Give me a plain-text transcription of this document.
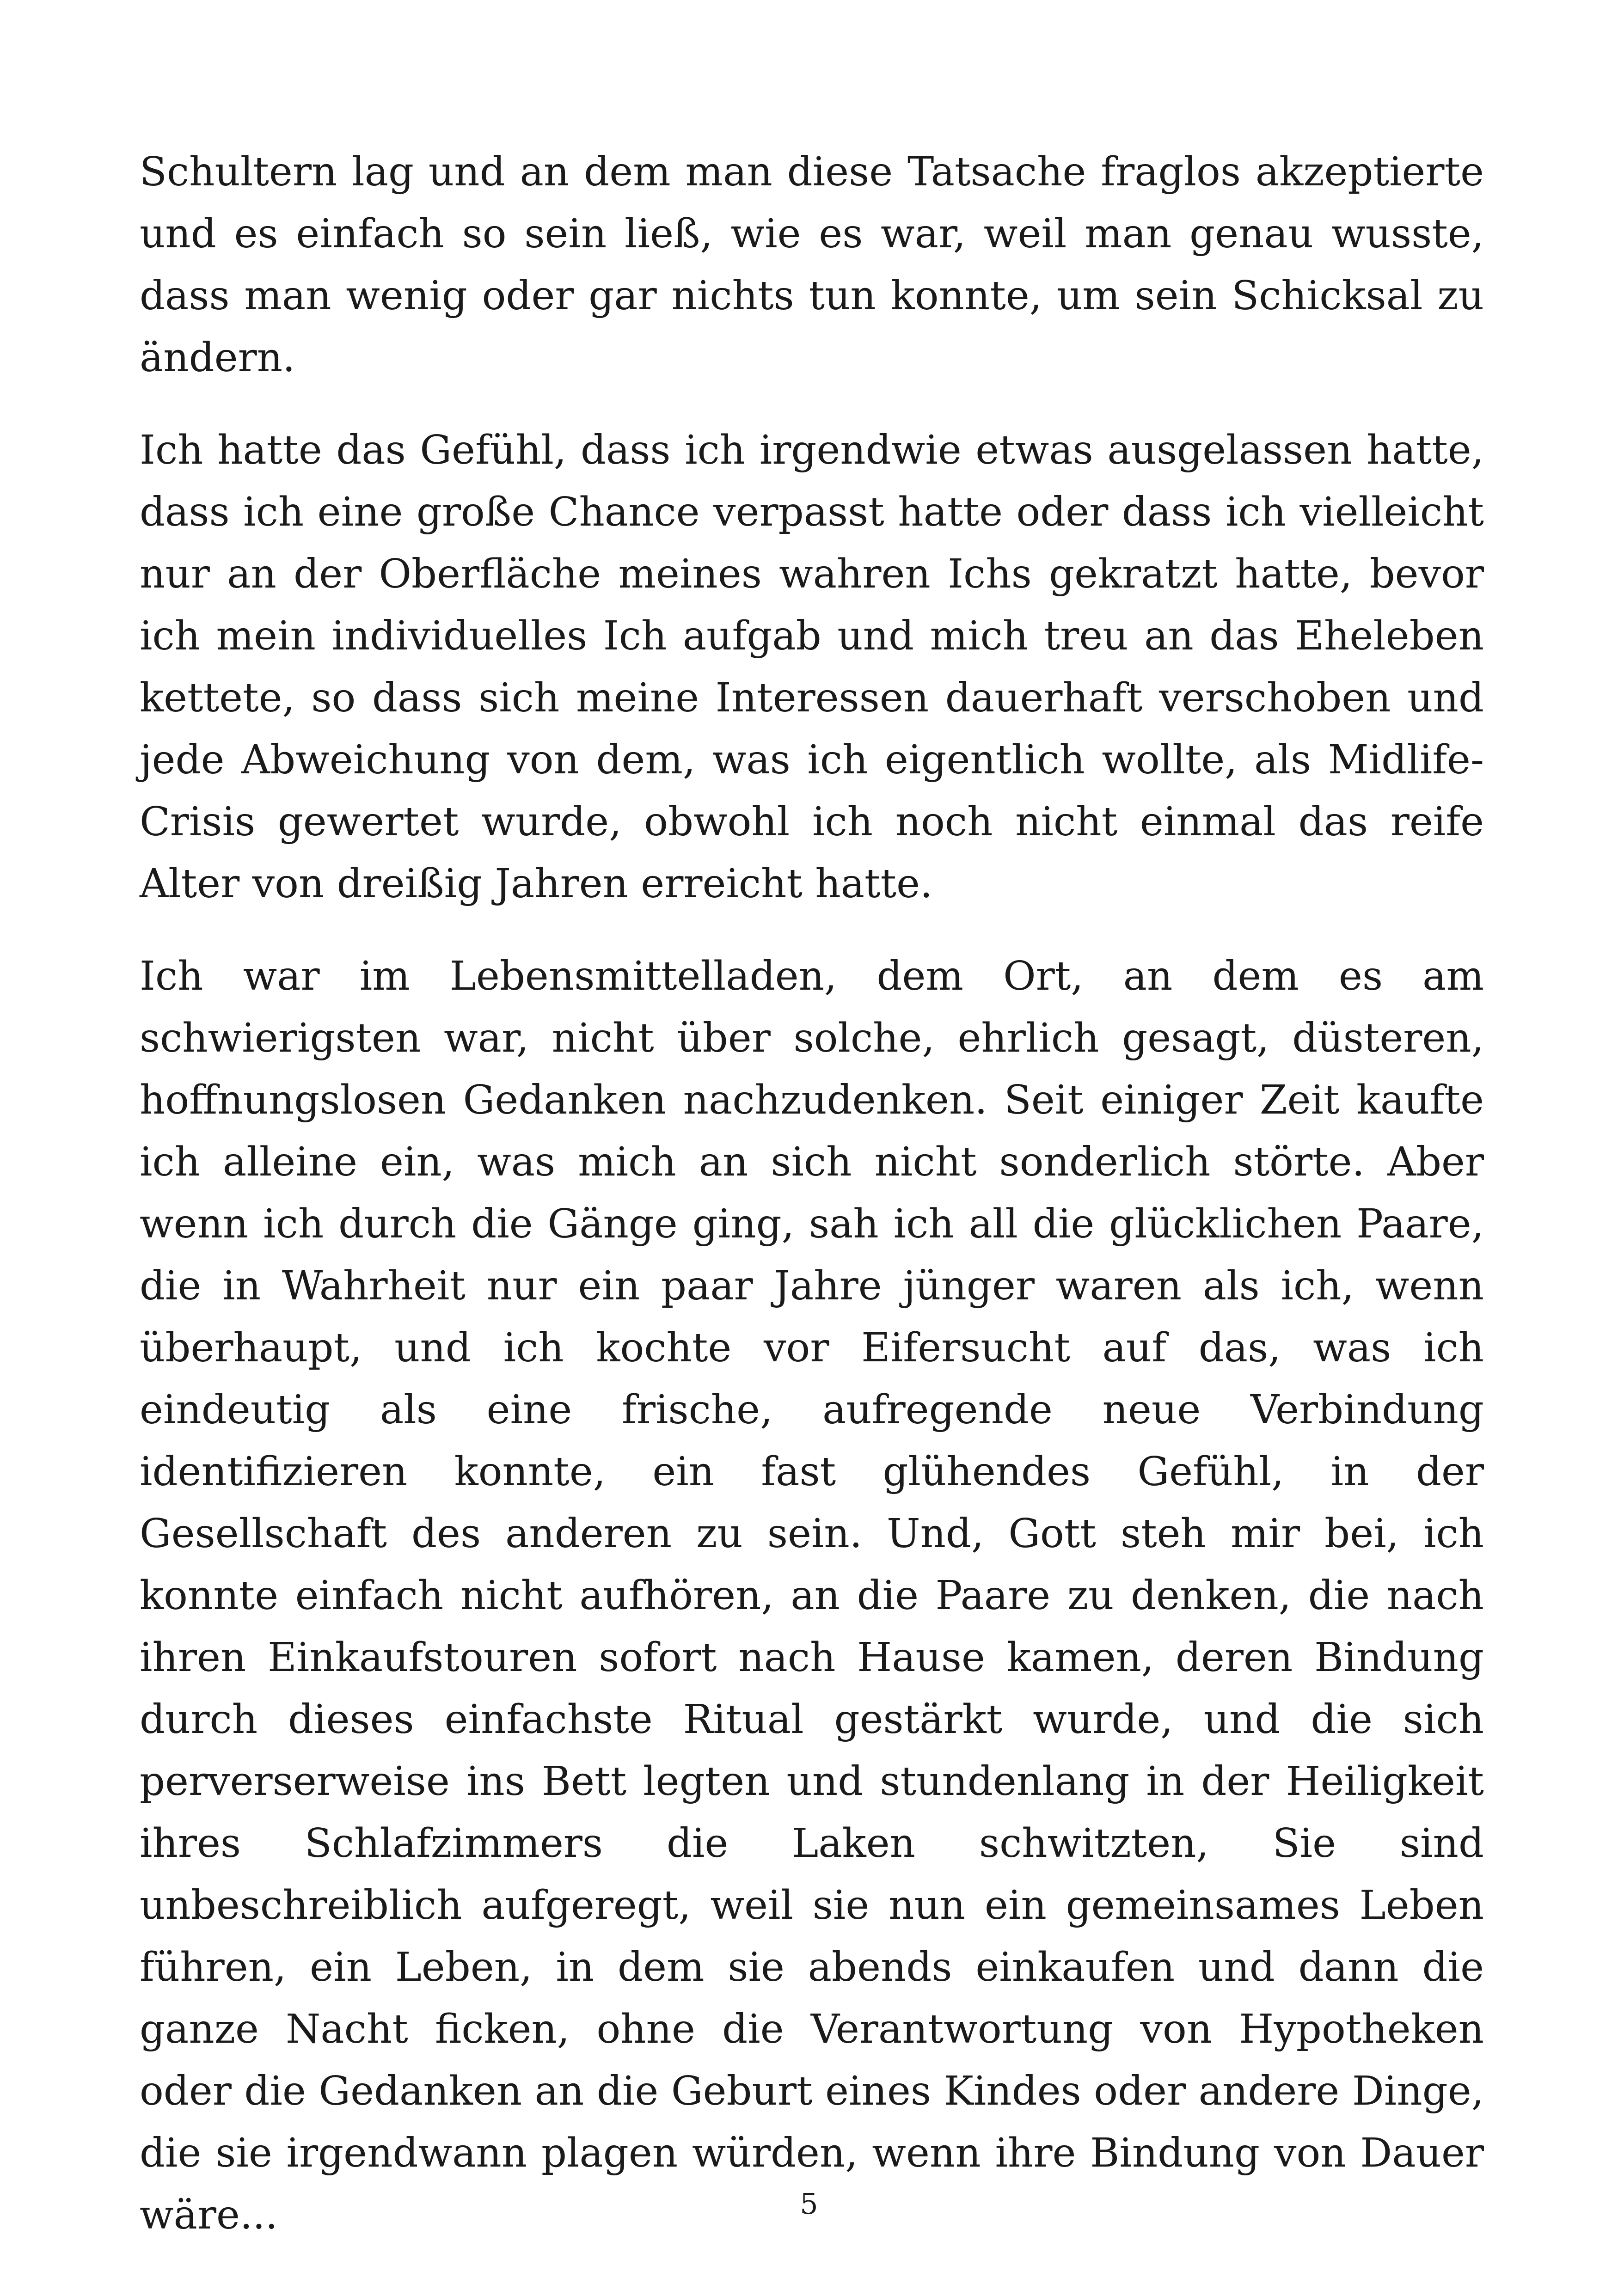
Schultern lag und an dem man diese Tatsache fraglos akzeptierte und es einfach so sein ließ, wie es war, weil man genau wusste, dass man wenig oder gar nichts tun konnte, um sein Schicksal zu ändern.

Ich hatte das Gefühl, dass ich irgendwie etwas ausgelassen hatte, dass ich eine große Chance verpasst hatte oder dass ich vielleicht nur an der Oberfläche meines wahren Ichs gekratzt hatte, bevor ich mein individuelles Ich aufgab und mich treu an das Eheleben kettete, so dass sich meine Interessen dauerhaft verschoben und jede Abweichung von dem, was ich eigentlich wollte, als Midlife-Crisis gewertet wurde, obwohl ich noch nicht einmal das reife Alter von dreißig Jahren erreicht hatte.

Ich war im Lebensmittelladen, dem Ort, an dem es am schwierigsten war, nicht über solche, ehrlich gesagt, düsteren, hoffnungslosen Gedanken nachzudenken. Seit einiger Zeit kaufte ich alleine ein, was mich an sich nicht sonderlich störte. Aber wenn ich durch die Gänge ging, sah ich all die glücklichen Paare, die in Wahrheit nur ein paar Jahre jünger waren als ich, wenn überhaupt, und ich kochte vor Eifersucht auf das, was ich eindeutig als eine frische, aufregende neue Verbindung identifizieren konnte, ein fast glühendes Gefühl, in der Gesellschaft des anderen zu sein. Und, Gott steh mir bei, ich konnte einfach nicht aufhören, an die Paare zu denken, die nach ihren Einkaufstouren sofort nach Hause kamen, deren Bindung durch dieses einfachste Ritual gestärkt wurde, und die sich perverserweise ins Bett legten und stundenlang in der Heiligkeit ihres Schlafzimmers die Laken schwitzten, Sie sind unbeschreiblich aufgeregt, weil sie nun ein gemeinsames Leben führen, ein Leben, in dem sie abends einkaufen und dann die ganze Nacht ficken, ohne die Verantwortung von Hypotheken oder die Gedanken an die Geburt eines Kindes oder andere Dinge, die sie irgendwann plagen würden, wenn ihre Bindung von Dauer wäre...	5
